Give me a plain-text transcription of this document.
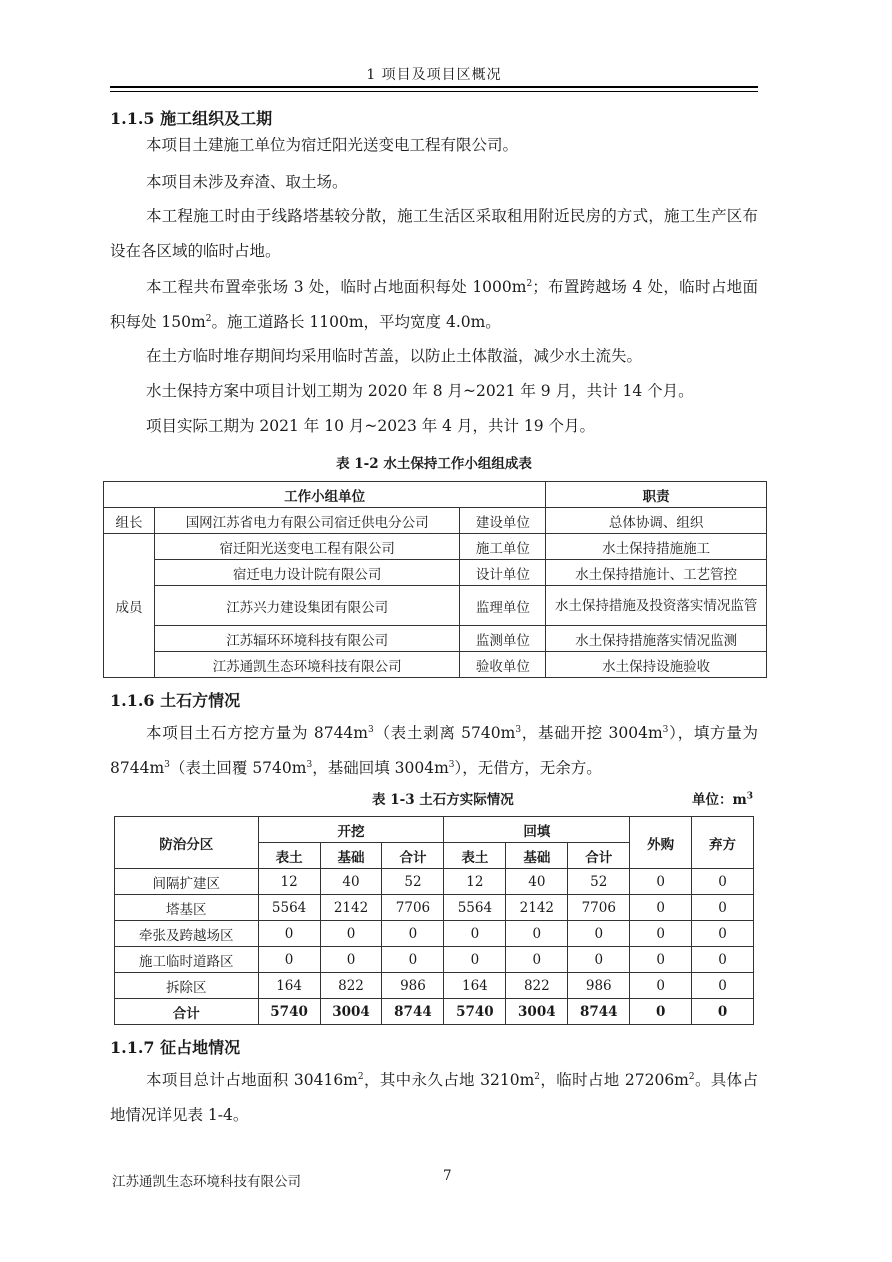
1 项目及项目区概况
1.1.5 施工组织及工期

本项目土建施工单位为宿迁阳光送变电工程有限公司。

本项目未涉及弃渣、取土场。

本工程施工时由于线路塔基较分散，施工生活区采取租用附近民房的方式，施工生产区布设在各区域的临时占地。

本工程共布置牵张场 3 处，临时占地面积每处 $1000m^2$；布置跨越场 4 处，临时占地面积每处 $150m^2$。施工道路长 1100m，平均宽度 4.0m。

在土方临时堆存期间均采用临时苫盖，以防止土体散溢，减少水土流失。

水土保持方案中项目计划工期为 2020 年 8 月~2021 年 9 月，共计 14 个月。

项目实际工期为 2021 年 10 月~2023 年 4 月，共计 19 个月。

表 1-2 水土保持工作小组组成表
工作小组单位			职责
组长	国网江苏省电力有限公司宿迁供电分公司	建设单位	总体协调、组织
成员	宿迁阳光送变电工程有限公司	施工单位	水土保持措施施工
	宿迁电力设计院有限公司	设计单位	水土保持措施计、工艺管控
	江苏兴力建设集团有限公司	监理单位	水土保持措施及投资落实情况监管
	江苏辐环环境科技有限公司	监测单位	水土保持措施落实情况监测
	江苏通凯生态环境科技有限公司	验收单位	水土保持设施验收
1.1.6 土石方情况

本项目土石方挖方量为 $8744m^3$（表土剥离 $5740m^3$，基础开挖 $3004m^3$），填方量为 $8744m^3$（表土回覆 $5740m^3$，基础回填 $3004m^3$），无借方，无余方。

表 1-3 土石方实际情况	单位：$m^3$
防治分区	开挖			回填			外购	弃方
	表土	基础	合计	表土	基础	合计		
间隔扩建区	12	40	52	12	40	52	0	0
塔基区	5564	2142	7706	5564	2142	7706	0	0
牵张及跨越场区	0	0	0	0	0	0	0	0
施工临时道路区	0	0	0	0	0	0	0	0
拆除区	164	822	986	164	822	986	0	0
合计	5740	3004	8744	5740	3004	8744	0	0
1.1.7 征占地情况

本项目总计占地面积 $30416m^2$，其中永久占地 $3210m^2$，临时占地 $27206m^2$。具体占地情况详见表 1-4。

江苏通凯生态环境科技有限公司	7
